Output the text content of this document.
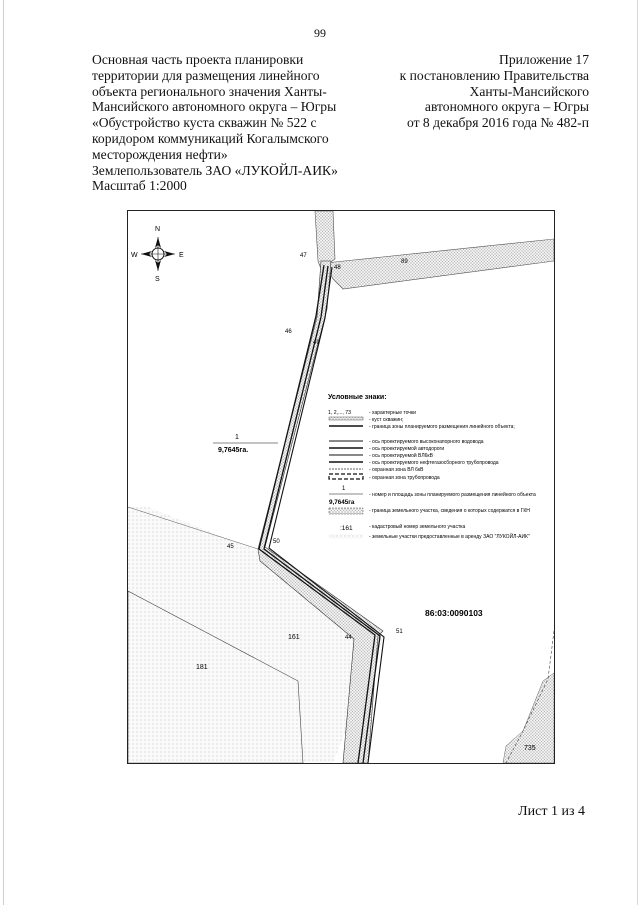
99
Основная часть проекта планировки
территории для размещения линейного
объекта регионального значения Ханты-
Мансийского автономного округа – Югры
«Обустройство куста скважин № 522 с
коридором коммуникаций Когалымского
месторождения нефти»
Землепользователь ЗАО «ЛУКОЙЛ-АИК»
Масштаб 1:2000
Приложение 17
к постановлению Правительства
Ханты-Мансийского
автономного округа – Югры
от 8 декабря 2016 года № 482-п
47
48
89
46
49
45
50
44
51
161
181
735
1
9,7645га.
86:03:0090103
N
S
W	E
Условные знаки:
1, 2,..., 73	- характерные точки
- куст скважин;
- граница зоны планируемого размещения линейного объекта;
- ось проектируемого высоконапорного водовода
- ось проектируемой автодороги
- ось проектируемой ВЛ6кВ
- ось проектируемого нефтегазосборного трубопровода
- охранная зона ВЛ 6кВ
- охранная зона трубопровода
1
9,7645га
- номер и площадь зоны планируемого размещения линейного объекта
- граница земельного участка, сведения о которых содержатся в ГКН
:161	- кадастровый номер земельного участка
- земельные участки предоставленные в аренду ЗАО "ЛУКОЙЛ-АИК"
Лист 1 из 4
